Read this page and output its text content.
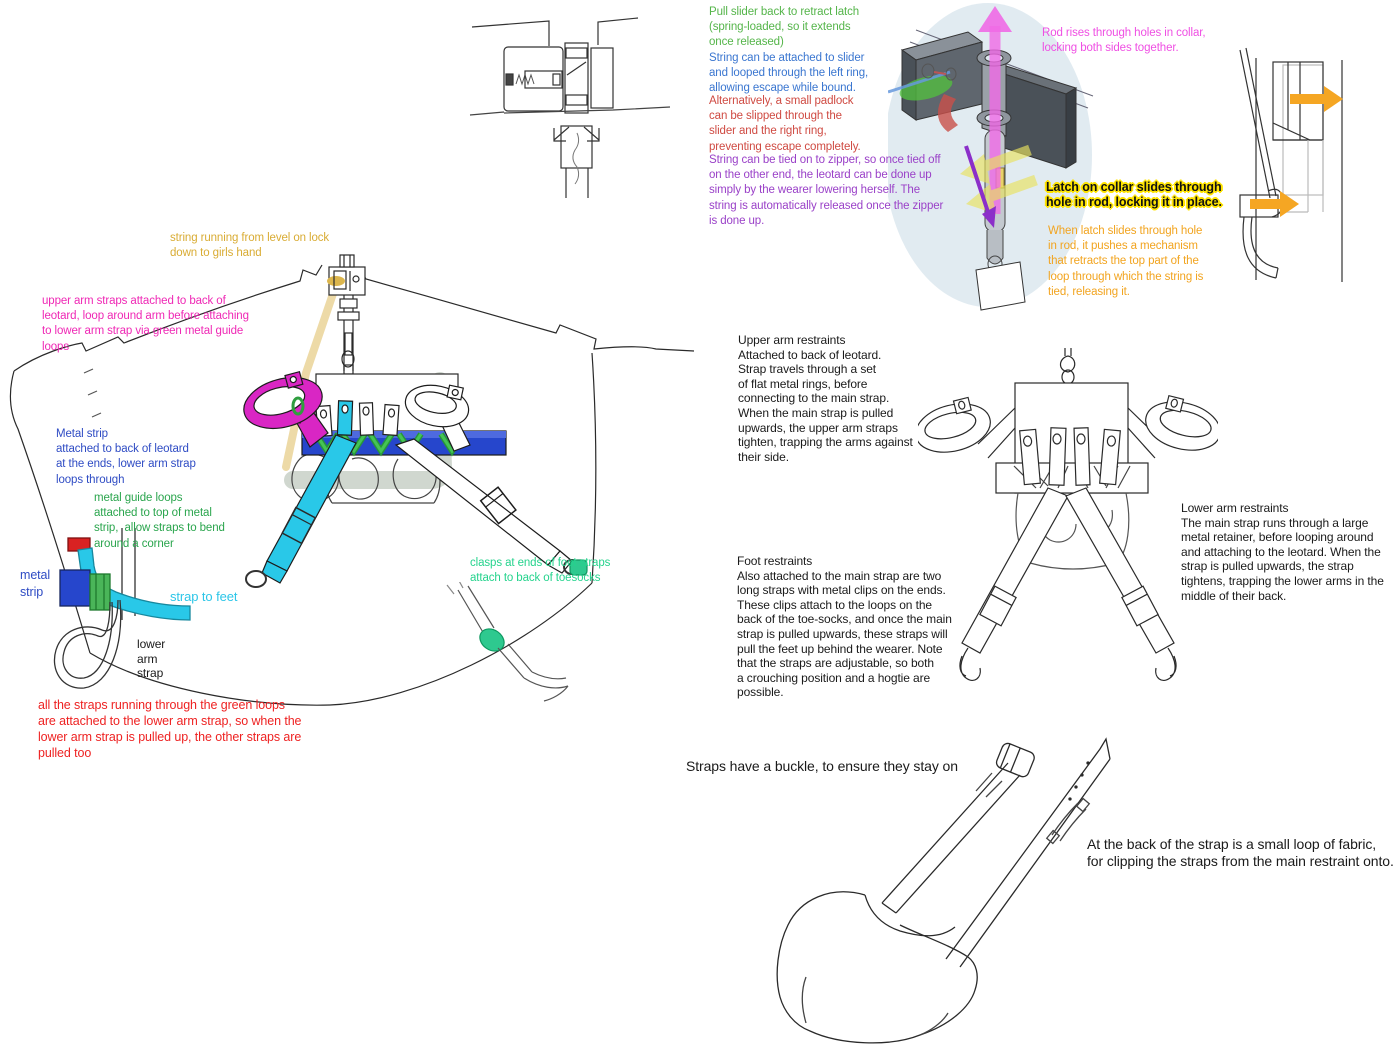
Pull slider back to retract latch
(spring-loaded, so it extends
once released)
String can be attached to slider
and looped through the left ring,
allowing escape while bound.
Alternatively, a small padlock
can be slipped through the
slider and the right ring,
preventing escape completely.
String can be tied on to zipper, so once tied off
on the other end, the leotard can be done up
simply by the wearer lowering herself. The
string is automatically released once the zipper
is done up.
Rod rises through holes in collar,
locking both sides together.
Latch on collar slides through
hole in rod, locking it in place.
When latch slides through hole
in rod, it pushes a mechanism
that retracts the top part of the
loop through which the string is
tied, releasing it.
string running from level on lock
down to girls hand
upper arm straps attached to back of
leotard, loop around arm before attaching
to lower arm strap via green metal guide
loops
Metal strip
attached to back of leotard
at the ends, lower arm strap
loops through
metal guide loops
attached to top of metal
strip,  allow straps to bend
around a corner
metal
strip	strap to feet
lower
arm
strap
all the straps running through the green loops
are attached to the lower arm strap, so when the
lower arm strap is pulled up, the other straps are
pulled too
clasps at ends of foot straps
attach to back of toesocks
Upper arm restraints
Attached to back of leotard.
Strap travels through a set
of flat metal rings, before
connecting to the main strap.
When the main strap is pulled
upwards, the upper arm straps
tighten, trapping the arms against
their side.
Lower arm restraints
The main strap runs through a large
metal retainer, before looping around
and attaching to the leotard. When the
strap is pulled upwards, the strap
tightens, trapping the lower arms in the
middle of their back.
Foot restraints
Also attached to the main strap are two
long straps with metal clips on the ends.
These clips attach to the loops on the
back of the toe-socks, and once the main
strap is pulled upwards, these straps will
pull the feet up behind the wearer. Note
that the straps are adjustable, so both
a crouching position and a hogtie are
possible.
Straps have a buckle, to ensure they stay on
At the back of the strap is a small loop of fabric,
for clipping the straps from the main restraint onto.
